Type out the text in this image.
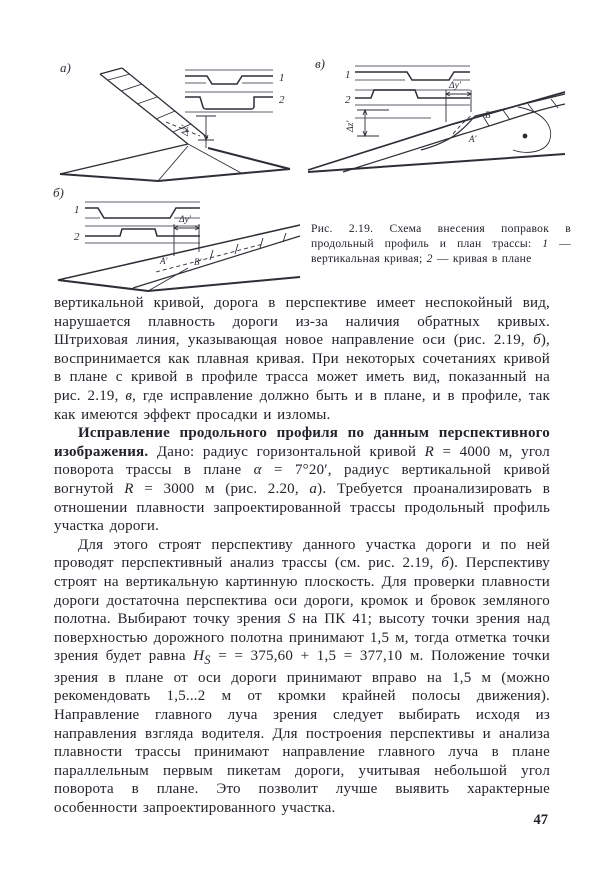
а)
1
2
Δz′
в)
1
2
Δy′
Δz′
В′
А′
б)
1
2
Δy′
А′	В′
Рис. 2.19. Схема внесения поправок в продольный профиль и план трассы: 1 — вертикальная кривая; 2 — кривая в плане

вертикальной кривой, дорога в перспективе имеет неспокойный вид, нарушается плавность дороги из-за наличия обратных кривых. Штриховая линия, указывающая новое направление оси (рис. 2.19, б), воспринимается как плавная кривая. При некоторых сочетаниях кривой в плане с кривой в профиле трасса может иметь вид, показанный на рис. 2.19, в, где исправление должно быть и в плане, и в профиле, так как имеются эффект просадки и изломы.

Исправление продольного профиля по данным перспективного изображения. Дано: радиус горизонтальной кривой R = 4000 м, угол поворота трассы в плане α = 7°20′, радиус вертикальной кривой вогнутой R = 3000 м (рис. 2.20, а). Требуется проанализировать в отношении плавности запроектированной трассы продольный профиль участка дороги.

Для этого строят перспективу данного участка дороги и по ней проводят перспективный анализ трассы (см. рис. 2.19, б). Перспективу строят на вертикальную картинную плоскость. Для проверки плавности дороги достаточна перспектива оси дороги, кромок и бровок земляного полотна. Выбирают точку зрения S на ПК 41; высоту точки зрения над поверхностью дорожного полотна принимают 1,5 м, тогда отметка точки зрения будет равна $H_S$ = = 375,60 + 1,5 = 377,10 м. Положение точки зрения в плане от оси дороги принимают вправо на 1,5 м (можно рекомендовать 1,5...2 м от кромки крайней полосы движения). Направление главного луча зрения следует выбирать исходя из направления взгляда водителя. Для построения перспективы и анализа плавности трассы принимают направление главного луча в плане параллельным первым пикетам дороги, учитывая небольшой угол поворота в плане. Это позволит лучше выявить характерные особенности запроектированного участка.

47
